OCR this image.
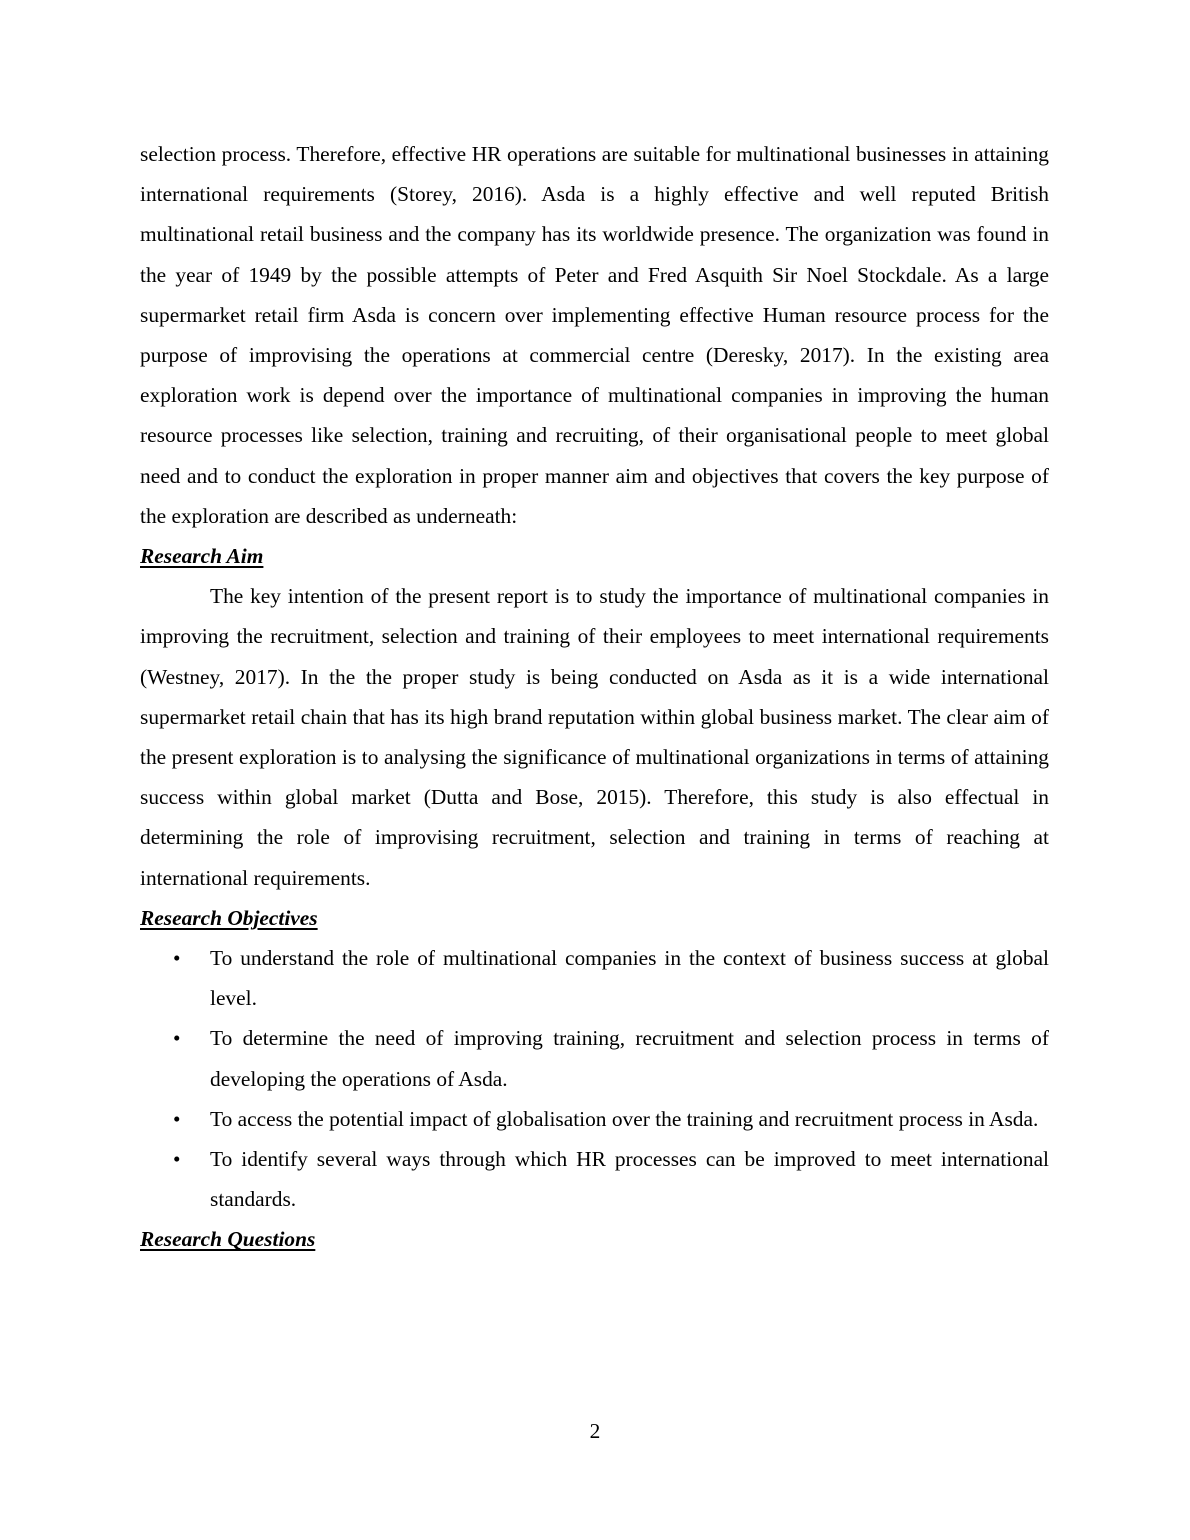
selection process. Therefore, effective HR operations are suitable for multinational businesses in attaining international requirements (Storey, 2016). Asda is a highly effective and well reputed British multinational retail business and the company has its worldwide presence. The organization was found in the year of 1949 by the possible attempts of Peter and Fred Asquith Sir Noel Stockdale. As a large supermarket retail firm Asda is concern over implementing effective Human resource process for the purpose of improvising the operations at commercial centre (Deresky, 2017). In the existing area exploration work is depend over the importance of multinational companies in improving the human resource processes like selection, training and recruiting, of their organisational people to meet global need and to conduct the exploration in proper manner aim and objectives that covers the key purpose of the exploration are described as underneath:

Research Aim

The key intention of the present report is to study the importance of multinational companies in improving the recruitment, selection and training of their employees to meet international requirements (Westney, 2017). In the the proper study is being conducted on Asda as it is a wide international supermarket retail chain that has its high brand reputation within global business market. The clear aim of the present exploration is to analysing the significance of multinational organizations in terms of attaining success within global market (Dutta and Bose, 2015). Therefore, this study is also effectual in determining the role of improvising recruitment, selection and training in terms of reaching at international requirements.

Research Objectives

• To understand the role of multinational companies in the context of business success at global level.
• To determine the need of improving training, recruitment and selection process in terms of developing the operations of Asda.
• To access the potential impact of globalisation over the training and recruitment process in Asda.
• To identify several ways through which HR processes can be improved to meet international standards.

Research Questions

2
